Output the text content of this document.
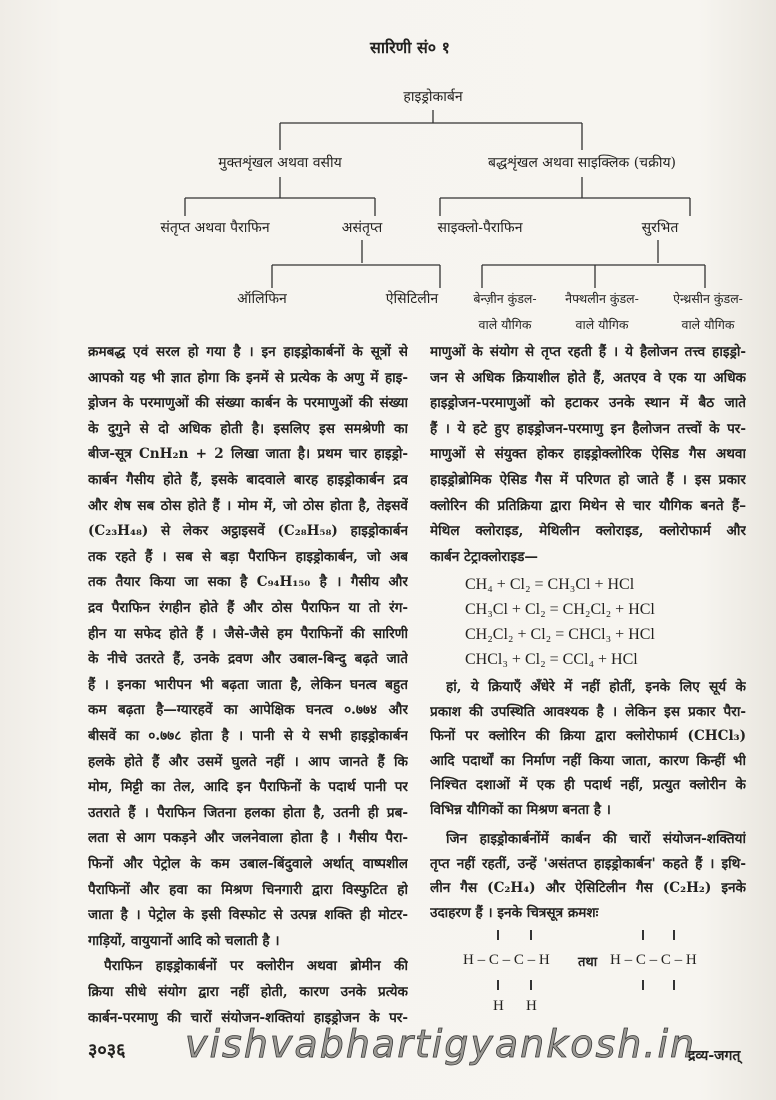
सारिणी सं० १
हाइड्रोकार्बन
मुक्तशृंखल अथवा वसीय	बद्धशृंखल अथवा साइक्लिक (चक्रीय)
संतृप्त अथवा पैराफिन	असंतृप्त	साइक्लो-पैराफिन	सुरभित
ऑलिफिन	ऐसिटिलीन	बेन्ज़ीन कुंडल-
वाले यौगिक
नैफ्थलीन कुंडल-
वाले यौगिक
ऐन्थ्रसीन कुंडल-
वाले यौगिक
क्रमबद्ध एवं सरल हो गया है । इन हाइड्रोकार्बनों के सूत्रों से
आपको यह भी ज्ञात होगा कि इनमें से प्रत्येक के अणु में हाइ-
ड्रोजन के परमाणुओं की संख्या कार्बन के परमाणुओं की संख्या
के दुगुने से दो अधिक होती है। इसलिए इस समश्रेणी का
बीज-सूत्र CnH₂n + 2 लिखा जाता है। प्रथम चार हाइड्रो-
कार्बन गैसीय होते हैं, इसके बादवाले बारह हाइड्रोकार्बन द्रव
और शेष सब ठोस होते हैं । मोम में, जो ठोस होता है, तेइसवें
(C₂₃H₄₈) से लेकर अट्ठाइसवें (C₂₈H₅₈) हाइड्रोकार्बन
तक रहते हैं । सब से बड़ा पैराफिन हाइड्रोकार्बन, जो अब
तक तैयार किया जा सका है C₉₄H₁₅₀ है । गैसीय और
द्रव पैराफिन रंगहीन होते हैं और ठोस पैराफिन या तो रंग-
हीन या सफेद होते हैं । जैसे-जैसे हम पैराफिनों की सारिणी
के नीचे उतरते हैं, उनके द्रवण और उबाल-बिन्दु बढ़ते जाते
हैं । इनका भारीपन भी बढ़ता जाता है, लेकिन घनत्व बहुत
कम बढ़ता है—ग्यारहवें का आपेक्षिक घनत्व ०.७७४ और
बीसवें का ०.७७८ होता है । पानी से ये सभी हाइड्रोकार्बन
हलके होते हैं और उसमें घुलते नहीं । आप जानते हैं कि
मोम, मिट्टी का तेल, आदि इन पैराफिनों के पदार्थ पानी पर
उतराते हैं । पैराफिन जितना हलका होता है, उतनी ही प्रब-
लता से आग पकड़ने और जलनेवाला होता है । गैसीय पैरा-
फिनों और पेट्रोल के कम उबाल-बिंदुवाले अर्थात् वाष्पशील
पैराफिनों और हवा का मिश्रण चिनगारी द्वारा विस्फुटित हो
जाता है । पेट्रोल के इसी विस्फोट से उत्पन्न शक्ति ही मोटर-
गाड़ियों, वायुयानों आदि को चलाती है ।
पैराफिन हाइड्रोकार्बनों पर क्लोरीन अथवा ब्रोमीन की
क्रिया सीधे संयोग द्वारा नहीं होती, कारण उनके प्रत्येक
कार्बन-परमाणु की चारों संयोजन-शक्तियां हाइड्रोजन के पर-
माणुओं के संयोग से तृप्त रहती हैं । ये हैलोजन तत्त्व हाइड्रो-
जन से अधिक क्रियाशील होते हैं, अतएव वे एक या अधिक
हाइड्रोजन-परमाणुओं को हटाकर उनके स्थान में बैठ जाते
हैं । ये हटे हुए हाइड्रोजन-परमाणु इन हैलोजन तत्त्वों के पर-
माणुओं से संयुक्त होकर हाइड्रोक्लोरिक ऐसिड गैस अथवा
हाइड्रोब्रोमिक ऐसिड गैस में परिणत हो जाते हैं । इस प्रकार
क्लोरिन की प्रतिक्रिया द्वारा मिथेन से चार यौगिक बनते हैं–
मेथिल क्लोराइड, मेथिलीन क्लोराइड, क्लोरोफार्म और
कार्बन टेट्राक्लोराइड—
CH₄ + Cl₂ = CH₃Cl + HCl
CH₃Cl + Cl₂ = CH₂Cl₂ + HCl
CH₂Cl₂ + Cl₂ = CHCl₃ + HCl
CHCl₃ + Cl₂ = CCl₄ + HCl
हां, ये क्रियाएँ अँधेरे में नहीं होतीं, इनके लिए सूर्य के
प्रकाश की उपस्थिति आवश्यक है । लेकिन इस प्रकार पैरा-
फिनों पर क्लोरिन की क्रिया द्वारा क्लोरोफार्म (CHCl₃)
आदि पदार्थों का निर्माण नहीं किया जाता, कारण किन्हीं भी
निश्चित दशाओं में एक ही पदार्थ नहीं, प्रत्युत क्लोरीन के
विभिन्न यौगिकों का मिश्रण बनता है ।
जिन हाइड्रोकार्बनोंमें कार्बन की चारों संयोजन-शक्तियां
तृप्त नहीं रहतीं, उन्हें 'असंतप्त हाइड्रोकार्बन' कहते हैं । इथि-
लीन गैस (C₂H₄) और ऐसिटिलीन गैस (C₂H₂) इनके
उदाहरण हैं । इनके चित्रसूत्र क्रमशः
H – C – C – H तथा H – C – C – H
H H
३०३६ vishvabhartigyankosh.in
द्रव्य-जगत्
